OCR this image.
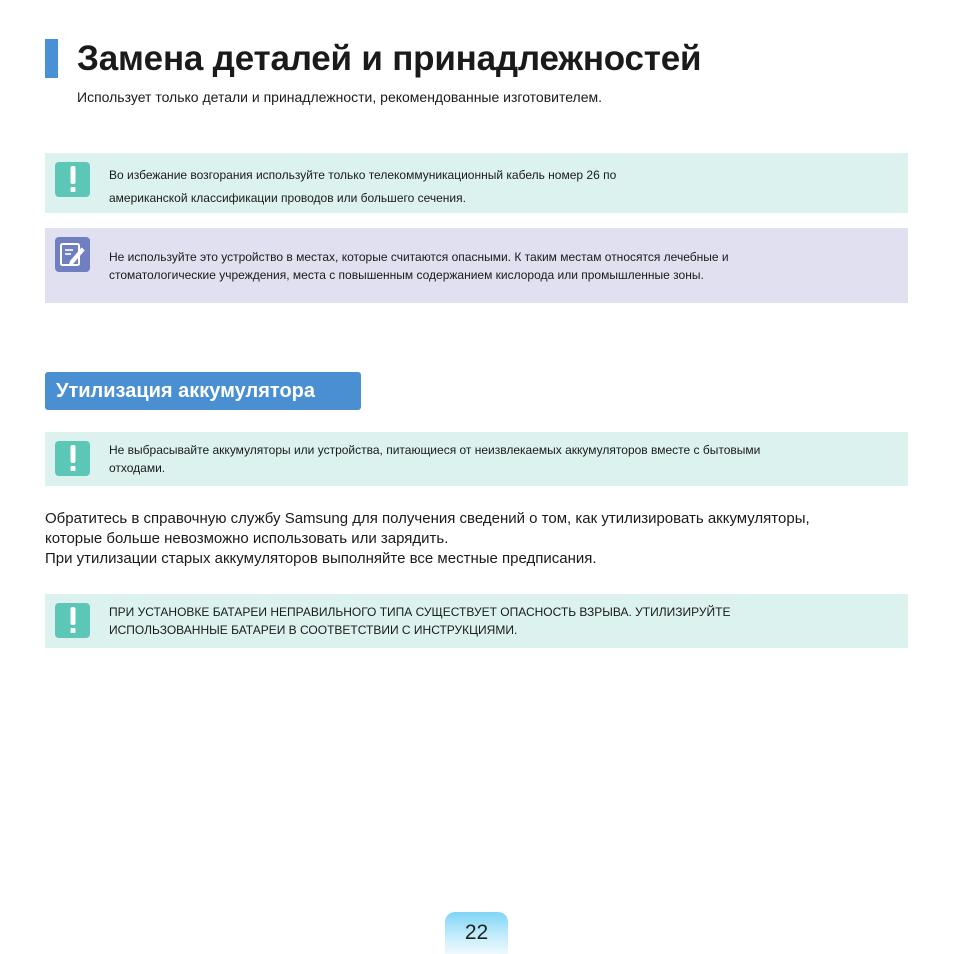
Замена деталей и принадлежностей
Использует только детали и принадлежности, рекомендованные изготовителем.
Во избежание возгорания используйте только телекоммуникационный кабель номер 26 по
американской классификации проводов или большего сечения.
Не используйте это устройство в местах, которые считаются опасными. К таким местам относятся лечебные и
стоматологические учреждения, места с повышенным содержанием кислорода или промышленные зоны.
Утилизация аккумулятора
Не выбрасывайте аккумуляторы или устройства, питающиеся от неизвлекаемых аккумуляторов вместе с бытовыми
отходами.

Обратитесь в справочную службу Samsung для получения сведений о том, как утилизировать аккумуляторы,

которые больше невозможно использовать или зарядить.

При утилизации старых аккумуляторов выполняйте все местные предписания.

ПРИ УСТАНОВКЕ БАТАРЕИ НЕПРАВИЛЬНОГО ТИПА СУЩЕСТВУЕТ ОПАСНОСТЬ ВЗРЫВА. УТИЛИЗИРУЙТЕ
ИСПОЛЬЗОВАННЫЕ БАТАРЕИ В СООТВЕТСТВИИ С ИНСТРУКЦИЯМИ.
22
